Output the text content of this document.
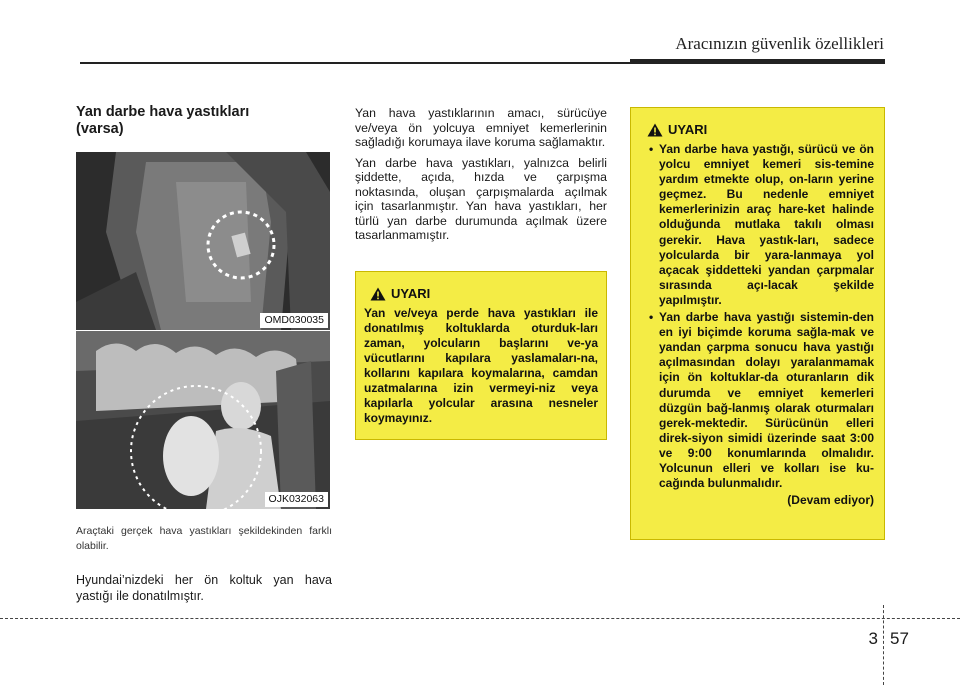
Aracınızın güvenlik özellikleri
Yan darbe hava yastıkları
(varsa)
OMD030035
OJK032063
Araçtaki gerçek hava yastıkları şekildekinden farklı olabilir.
Hyundai’nizdeki her ön koltuk yan hava yastığı ile donatılmıştır.

Yan hava yastıklarının amacı, sürücüye ve/veya ön yolcuya emniyet kemerlerinin sağladığı korumaya ilave koruma sağlamaktır.

Yan darbe hava yastıkları, yalnızca belirli şiddette, açıda, hızda ve çarpışma noktasında, oluşan çarpışmalarda açılmak için tasarlanmıştır. Yan hava yastıkları, her türlü yan darbe durumunda açılmak üzere tasarlanmamıştır.

UYARI
Yan ve/veya perde hava yastıkları ile donatılmış koltuklarda oturduk-ları zaman, yolcuların başlarını ve-ya vücutlarını kapılara yaslamaları-na, kollarını kapılara koymalarına, camdan uzatmalarına izin vermeyi-niz veya kapılarla yolcular arasına nesneler koymayınız.
UYARI
• Yan darbe hava yastığı, sürücü ve ön yolcu emniyet kemeri sis-temine yardım etmekte olup, on-ların yerine geçmez. Bu nedenle emniyet kemerlerinizin araç hare-ket halinde olduğunda mutlaka takılı olması gerekir. Hava yastık-ları, sadece yolcularda bir yara-lanmaya yol açacak şiddetteki yandan çarpmalar sırasında açı-lacak şekilde yapılmıştır.
• Yan darbe hava yastığı sistemin-den en iyi biçimde koruma sağla-mak ve yandan çarpma sonucu hava yastığı açılmasından dolayı yaralanmamak için ön koltuklar-da oturanların dik durumda ve emniyet kemerleri düzgün bağ-lanmış olarak oturmaları gerek-mektedir. Sürücünün elleri direk-siyon simidi üzerinde saat 3:00 ve 9:00 konumlarında olmalıdır. Yolcunun elleri ve kolları ise ku-cağında bulunmalıdır.
(Devam ediyor)
3 57
